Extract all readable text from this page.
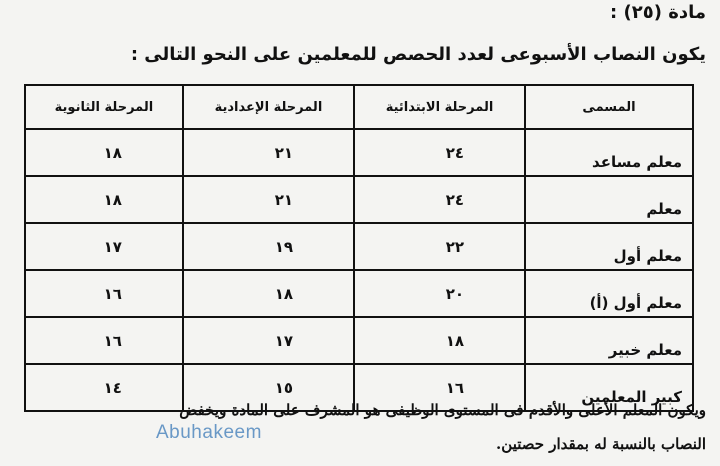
مادة (٢٥) :
يكون النصاب الأسبوعى لعدد الحصص للمعلمين على النحو التالى :
المسمى	المرحلة الابتدائية	المرحلة الإعدادية	المرحلة الثانوية
معلم مساعد	٢٤	٢١	١٨
معلم	٢٤	٢١	١٨
معلم أول	٢٢	١٩	١٧
معلم أول (أ)	٢٠	١٨	١٦
معلم خبير	١٨	١٧	١٦
كبير المعلمين	١٦	١٥	١٤
ويكون المعلم الأعلى والأقدم فى المستوى الوظيفى هو المشرف على المادة ويخفض
النصاب بالنسبة له بمقدار حصتين.
Abuhakeem
